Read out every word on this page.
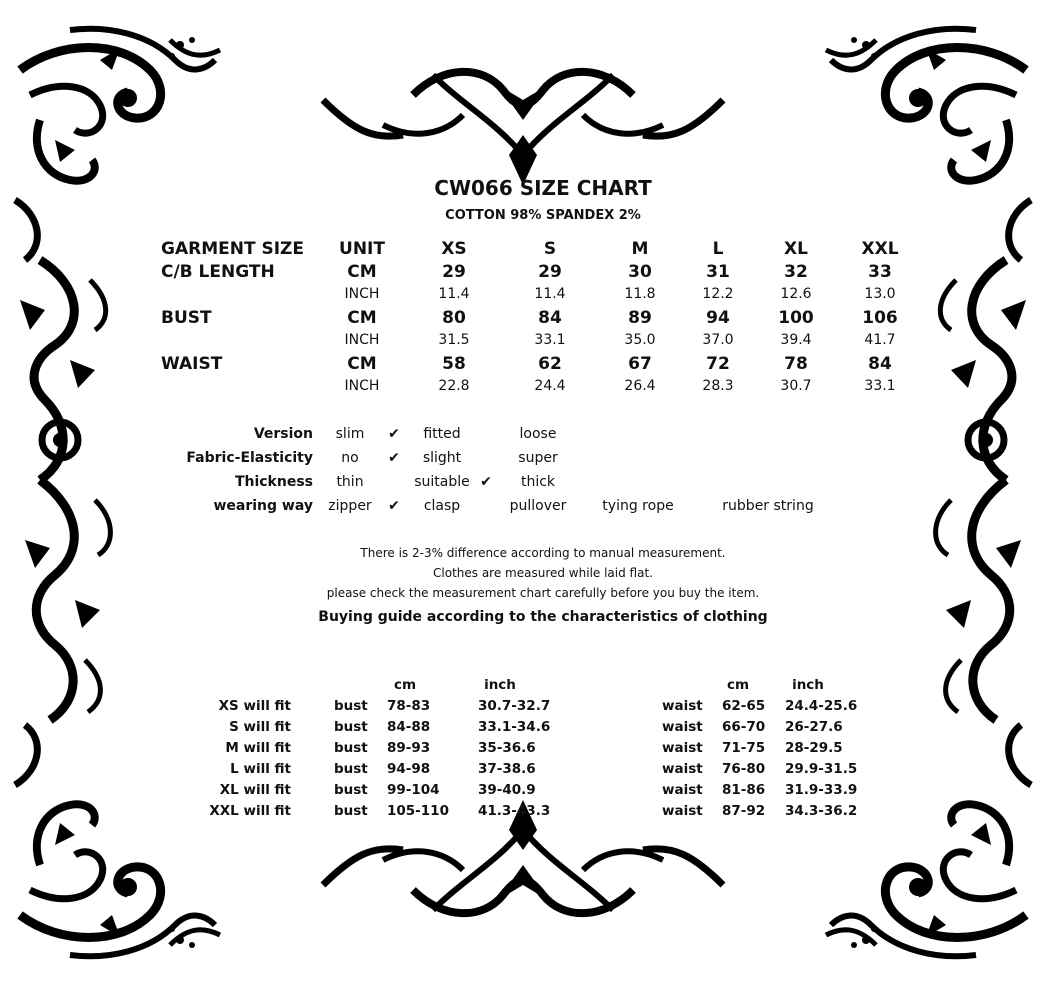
CW066 SIZE CHART
COTTON 98% SPANDEX 2%
GARMENT SIZE UNIT	XS	S	M	L	XL	XXL
C/B LENGTH	CM	29	29	30	31	32	33
INCH	11.4	11.4	11.8	12.2	12.6	13.0
BUST	CM	80	84	89	94	100	106
INCH	31.5	33.1	35.0	37.0	39.4	41.7
WAIST	CM	58	62	67	72	78	84
INCH	22.8	24.4	26.4	28.3	30.7	33.1
Version slim ✔ fitted	loose
Fabric-Elasticity no ✔ slight	super
Thickness thin	suitable ✔ thick
wearing way zipper ✔ clasp	pullover	tying rope	rubber string
There is 2-3% difference according to manual measurement.
Clothes are measured while laid flat.
please check the measurement chart carefully before you buy the item.
Buying guide according to the characteristics of clothing
cm	inch	cm	inch
XS will fit	bust 78-83	30.7-32.7	waist 62-65 24.4-25.6
S will fit	bust 84-88	33.1-34.6	waist 66-70 26-27.6
M will fit	bust 89-93	35-36.6	waist 71-75 28-29.5
L will fit	bust 94-98	37-38.6	waist 76-80 29.9-31.5
XL will fit	bust 99-104	39-40.9	waist 81-86 31.9-33.9
XXL will fit	bust 105-110 41.3-43.3	waist 87-92 34.3-36.2
